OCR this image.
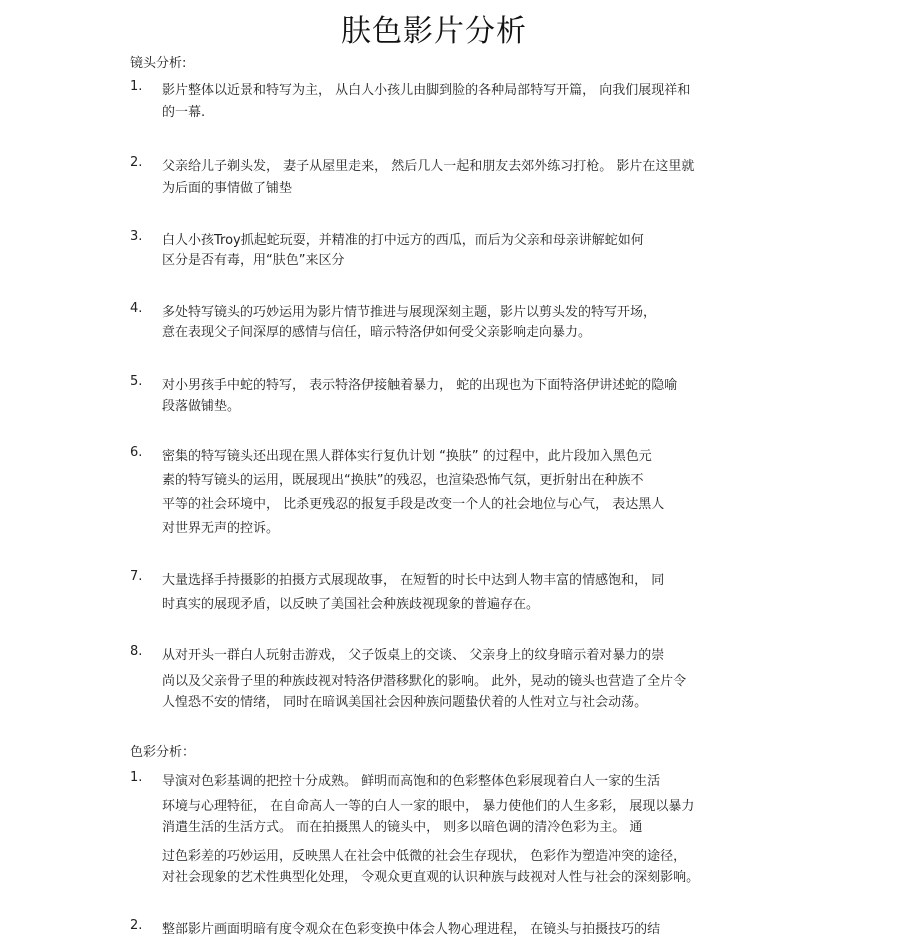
肤色影片分析
镜头分析:
1.	影片整体以近景和特写为主， 从白人小孩儿由脚到脸的各种局部特写开篇， 向我们展现祥和
的一幕.
2.	父亲给儿子剃头发， 妻子从屋里走来， 然后几人一起和朋友去郊外练习打枪。 影片在这里就
为后面的事情做了铺垫
3.	白人小孩Troy抓起蛇玩耍，并精准的打中远方的西瓜，而后为父亲和母亲讲解蛇如何
区分是否有毒，用“肤色”来区分
4.	多处特写镜头的巧妙运用为影片情节推进与展现深刻主题，影片以剪头发的特写开场，
意在表现父子间深厚的感情与信任，暗示特洛伊如何受父亲影响走向暴力。
5.	对小男孩手中蛇的特写， 表示特洛伊接触着暴力， 蛇的出现也为下面特洛伊讲述蛇的隐喻
段落做铺垫。
6.	密集的特写镜头还出现在黑人群体实行复仇计划 “换肤” 的过程中，此片段加入黑色元
素的特写镜头的运用，既展现出“换肤”的残忍，也渲染恐怖气氛，更折射出在种族不
平等的社会环境中， 比杀更残忍的报复手段是改变一个人的社会地位与心气， 表达黑人
对世界无声的控诉。
7.	大量选择手持摄影的拍摄方式展现故事， 在短暂的时长中达到人物丰富的情感饱和， 同
时真实的展现矛盾，以反映了美国社会种族歧视现象的普遍存在。
8.	从对开头一群白人玩射击游戏， 父子饭桌上的交谈、 父亲身上的纹身暗示着对暴力的崇
尚以及父亲骨子里的种族歧视对特洛伊潜移默化的影响。 此外，晃动的镜头也营造了全片令
人惶恐不安的情绪， 同时在暗讽美国社会因种族问题蛰伏着的人性对立与社会动荡。
色彩分析：
1.	导演对色彩基调的把控十分成熟。 鲜明而高饱和的色彩整体色彩展现着白人一家的生活
环境与心理特征， 在自命高人一等的白人一家的眼中， 暴力使他们的人生多彩， 展现以暴力
消遣生活的生活方式。 而在拍摄黑人的镜头中， 则多以暗色调的清冷色彩为主。 通
过色彩差的巧妙运用，反映黑人在社会中低微的社会生存现状， 色彩作为塑造冲突的途径，
对社会现象的艺术性典型化处理， 令观众更直观的认识种族与歧视对人性与社会的深刻影响。
2.	整部影片画面明暗有度令观众在色彩变换中体会人物心理进程， 在镜头与拍摄技巧的结
